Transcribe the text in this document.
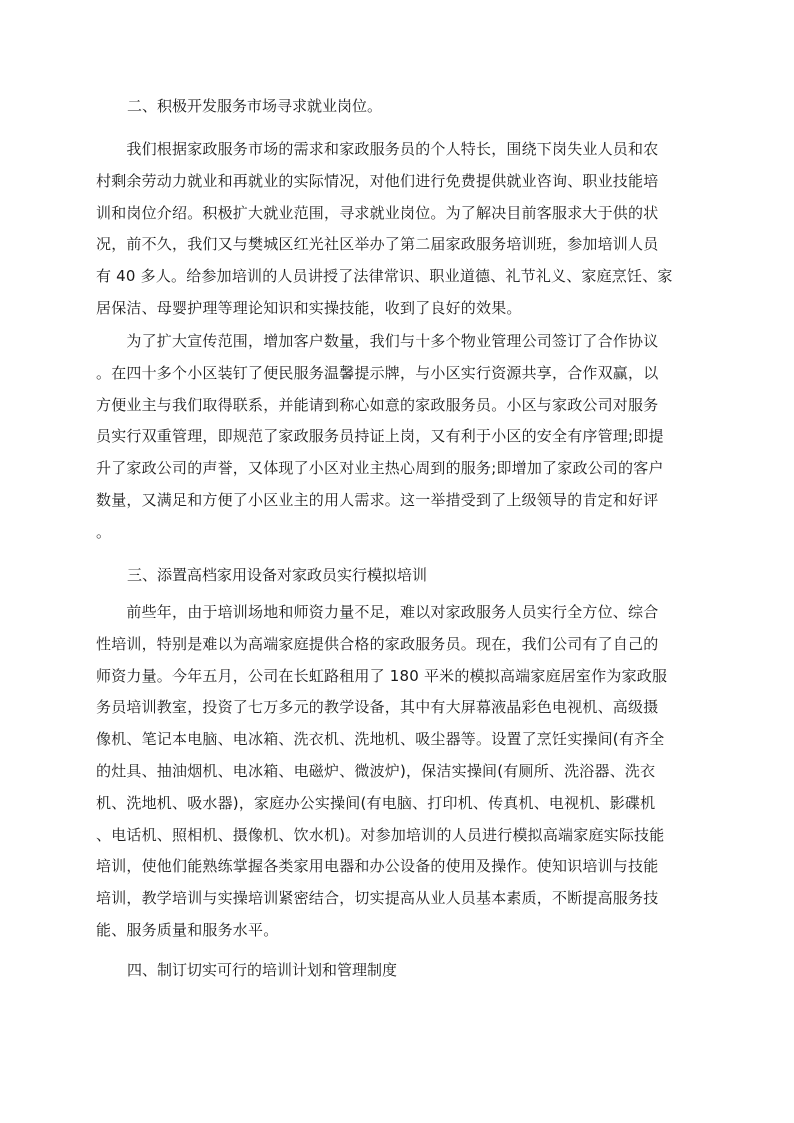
二、积极开发服务市场寻求就业岗位。

　　我们根据家政服务市场的需求和家政服务员的个人特长，围绕下岗失业人员和农
村剩余劳动力就业和再就业的实际情况，对他们进行免费提供就业咨询、职业技能培
训和岗位介绍。积极扩大就业范围，寻求就业岗位。为了解决目前客服求大于供的状
况，前不久，我们又与樊城区红光社区举办了第二届家政服务培训班，参加培训人员
有 40 多人。给参加培训的人员讲授了法律常识、职业道德、礼节礼义、家庭烹饪、家
居保洁、母婴护理等理论知识和实操技能，收到了良好的效果。

　　为了扩大宣传范围，增加客户数量，我们与十多个物业管理公司签订了合作协议
。在四十多个小区装钉了便民服务温馨提示牌，与小区实行资源共享，合作双赢，以
方便业主与我们取得联系，并能请到称心如意的家政服务员。小区与家政公司对服务
员实行双重管理，即规范了家政服务员持证上岗，又有利于小区的安全有序管理;即提
升了家政公司的声誉，又体现了小区对业主热心周到的服务;即增加了家政公司的客户
数量，又满足和方便了小区业主的用人需求。这一举措受到了上级领导的肯定和好评
。

三、添置高档家用设备对家政员实行模拟培训

　　前些年，由于培训场地和师资力量不足，难以对家政服务人员实行全方位、综合
性培训，特别是难以为高端家庭提供合格的家政服务员。现在，我们公司有了自己的
师资力量。今年五月，公司在长虹路租用了 180 平米的模拟高端家庭居室作为家政服
务员培训教室，投资了七万多元的教学设备，其中有大屏幕液晶彩色电视机、高级摄
像机、笔记本电脑、电冰箱、洗衣机、洗地机、吸尘器等。设置了烹饪实操间(有齐全
的灶具、抽油烟机、电冰箱、电磁炉、微波炉)，保洁实操间(有厕所、洗浴器、洗衣
机、洗地机、吸水器)，家庭办公实操间(有电脑、打印机、传真机、电视机、影碟机
、电话机、照相机、摄像机、饮水机)。对参加培训的人员进行模拟高端家庭实际技能
培训，使他们能熟练掌握各类家用电器和办公设备的使用及操作。使知识培训与技能
培训，教学培训与实操培训紧密结合，切实提高从业人员基本素质，不断提高服务技
能、服务质量和服务水平。

四、制订切实可行的培训计划和管理制度
